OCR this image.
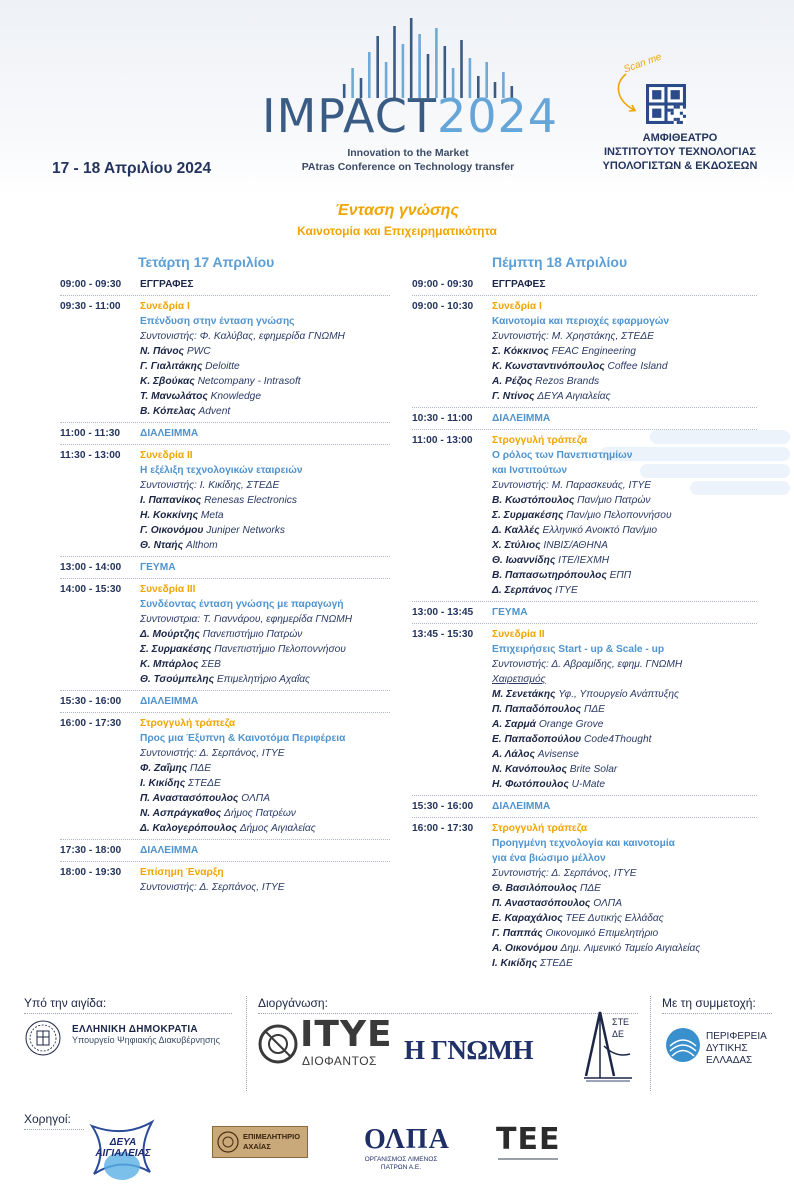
IMPACT2024
Innovation to the Market
PAtras Conference on Technology transfer
17 - 18 Απριλίου 2024
Scan me
ΑΜΦΙΘΕΑΤΡΟ
ΙΝΣΤΙΤΟΥΤΟΥ ΤΕΧΝΟΛΟΓΙΑΣ
ΥΠΟΛΟΓΙΣΤΩΝ & ΕΚΔΟΣΕΩΝ
Ένταση γνώσης
Καινοτομία και Επιχειρηματικότητα
Τετάρτη 17 Απριλίου	Πέμπτη 18 Απριλίου
09:00 - 09:30	ΕΓΓΡΑΦΕΣ
09:30 - 11:00	Συνεδρία Ι
Επένδυση στην ένταση γνώσης
Συντονιστής: Φ. Καλύβας, εφημερίδα ΓΝΩΜΗ
Ν. Πάνος PWC
Γ. Γιαλιτάκης Deloitte
Κ. Σβούκας Netcompany - Intrasoft
Τ. Μανωλάτος Knowledge
Β. Κόπελας Advent
11:00 - 11:30	ΔΙΑΛΕΙΜΜΑ
11:30 - 13:00	Συνεδρία ΙΙ
Η εξέλιξη τεχνολογικών εταιρειών
Συντονιστής: Ι. Κικίδης, ΣΤΕΔΕ
Ι. Παπανίκος Renesas Electronics
Η. Κοκκίνης Meta
Γ. Οικονόμου Juniper Networks
Θ. Νταής Althom
13:00 - 14:00	ΓΕΥΜΑ
14:00 - 15:30	Συνεδρία ΙΙΙ
Συνδέοντας ένταση γνώσης με παραγωγή
Συντονιστρια: Τ. Γιαννάρου, εφημερίδα ΓΝΩΜΗ
Δ. Μούρτζης Πανεπιστήμιο Πατρών
Σ. Συρμακέσης Πανεπιστήμιο Πελοποννήσου
Κ. Μπάρλος ΣΕΒ
Θ. Τσούμπελης Επιμελητήριο Αχαΐας
15:30 - 16:00	ΔΙΑΛΕΙΜΜΑ
16:00 - 17:30	Στρογγυλή τράπεζα
Προς μια Έξυπνη & Καινοτόμα Περιφέρεια
Συντονιστής: Δ. Σερπάνος, ΙΤΥΕ
Φ. Ζαΐμης ΠΔΕ
Ι. Κικίδης ΣΤΕΔΕ
Π. Αναστασόπουλος ΟΛΠΑ
Ν. Ασπράγκαθος Δήμος Πατρέων
Δ. Καλογερόπουλος Δήμος Αιγιαλείας
17:30 - 18:00	ΔΙΑΛΕΙΜΜΑ
18:00 - 19:30	Επίσημη Έναρξη
Συντονιστής: Δ. Σερπάνος, ΙΤΥΕ
09:00 - 09:30	ΕΓΓΡΑΦΕΣ
09:00 - 10:30	Συνεδρία Ι
Καινοτομία και περιοχές εφαρμογών
Συντονιστής: Μ. Χρηστάκης, ΣΤΕΔΕ
Σ. Κόκκινος FEAC Engineering
Κ. Κωνσταντινόπουλος Coffee Island
Α. Ρέζος Rezos Brands
Γ. Ντίνος ΔΕΥΑ Αιγιαλείας
10:30 - 11:00	ΔΙΑΛΕΙΜΜΑ
11:00 - 13:00	Στρογγυλή τράπεζα
Ο ρόλος των Πανεπιστημίων
και Ινστιτούτων
Συντονιστής: Μ. Παρασκευάς, ΙΤΥΕ
Β. Κωστόπουλος Παν/μιο Πατρών
Σ. Συρμακέσης Παν/μιο Πελοποννήσου
Δ. Καλλές Ελληνικό Ανοικτό Παν/μιο
Χ. Στύλιος ΙΝΒΙΣ/ΑΘΗΝΑ
Θ. Ιωαννίδης ΙΤΕ/ΙΕΧΜΗ
Β. Παπασωτηρόπουλος ΕΠΠ
Δ. Σερπάνος ΙΤΥΕ
13:00 - 13:45	ΓΕΥΜΑ
13:45 - 15:30	Συνεδρία ΙΙ
Επιχειρήσεις Start - up & Scale - up
Συντονιστής: Δ. Αβραμίδης, εφημ. ΓΝΩΜΗ
Χαιρετισμός
Μ. Σενετάκης Υφ., Υπουργείο Ανάπτυξης
Π. Παπαδόπουλος ΠΔΕ
Α. Σαρμά Orange Grove
Ε. Παπαδοπούλου Code4Thought
Α. Λάλος Avisense
Ν. Κανόπουλος Brite Solar
Η. Φωτόπουλος U-Mate
15:30 - 16:00	ΔΙΑΛΕΙΜΜΑ
16:00 - 17:30	Στρογγυλή τράπεζα
Προηγμένη τεχνολογία και καινοτομία
για ένα βιώσιμο μέλλον
Συντονιστής: Δ. Σερπάνος, ΙΤΥΕ
Θ. Βασιλόπουλος ΠΔΕ
Π. Αναστασόπουλος ΟΛΠΑ
Ε. Καραχάλιος ΤΕΕ Δυτικής Ελλάδας
Γ. Παππάς Οικονομικό Επιμελητήριο
Α. Οικονόμου Δημ. Λιμενικό Ταμείο Αιγιαλείας
Ι. Κικίδης ΣΤΕΔΕ
Υπό την αιγίδα:	Διοργάνωση:	Με τη συμμετοχή:
ΕΛΛΗΝΙΚΗ ΔΗΜΟΚΡΑΤΙΑ
Υπουργείο Ψηφιακής Διακυβέρνησης ΙΤΥΕ
ΔΙΟΦΑΝΤΟΣ Η ΓΝΩΜΗ
ΣΤΕ ΔΕ	ΠΕΡΙΦΕΡΕΙΑ
ΔΥΤΙΚΗΣ
ΕΛΛΑΔΑΣ
Χορηγοί:
ΔΕΥΑ ΑΙΓΙΑΛΕΙΑΣ
ΕΠΙΜΕΛΗΤΗΡΙΟ
ΑΧΑΪΑΣ	ΟΛΠΑ
ΟΡΓΑΝΙΣΜΟΣ ΛΙΜΕΝΟΣ
ΠΑΤΡΩΝ Α.Ε.
ΤΕΕ
